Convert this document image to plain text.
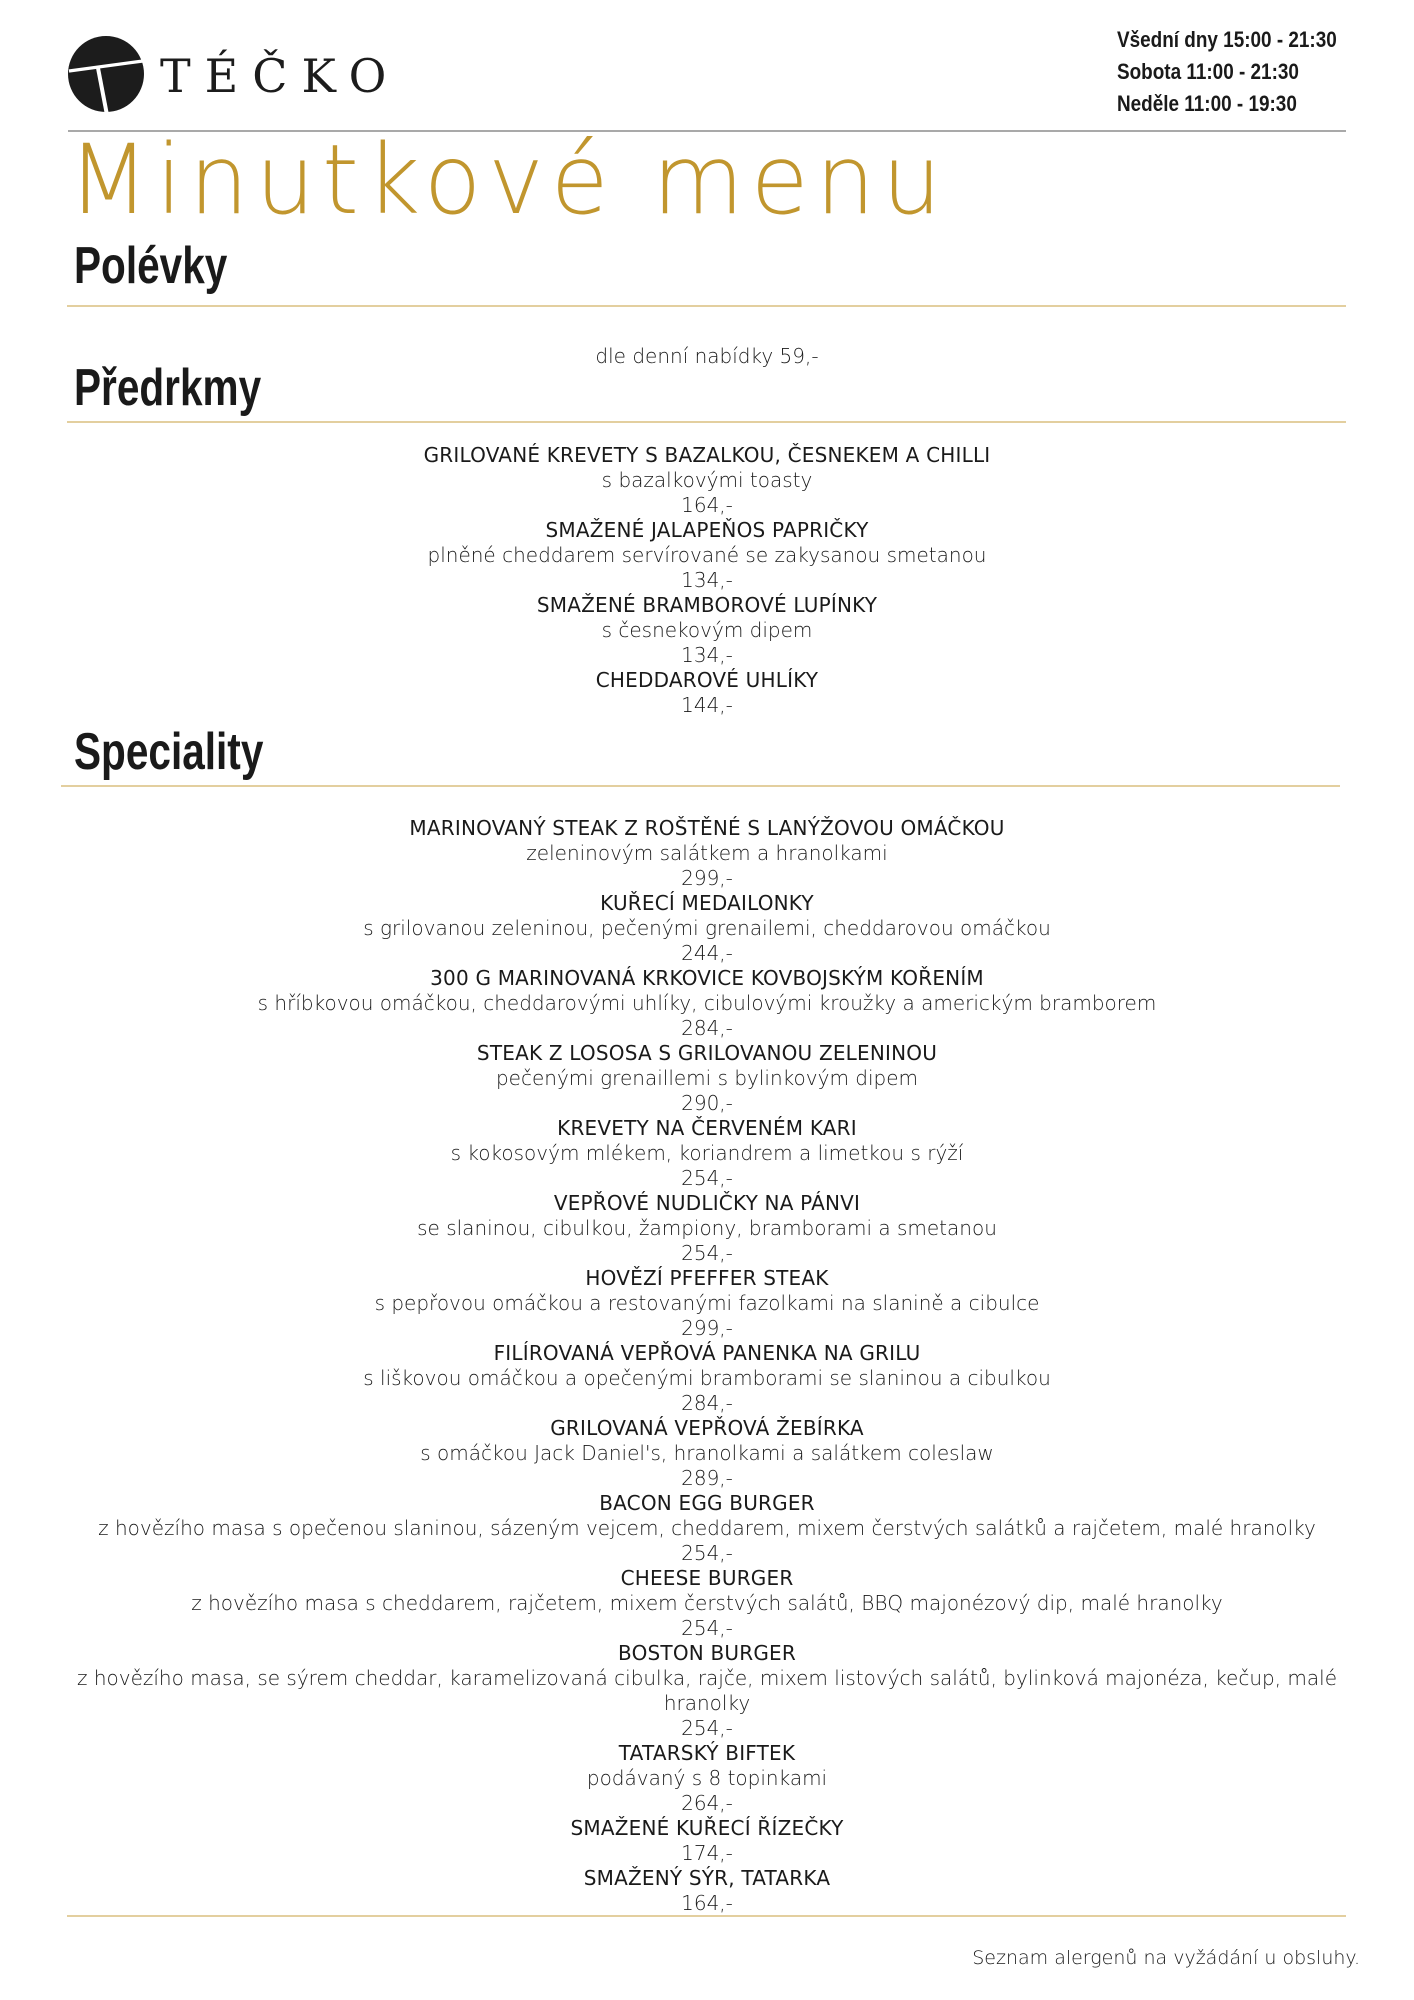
TÉČKO
Všední dny 15:00 - 21:30
Sobota 11:00 - 21:30
Neděle 11:00 - 19:30
Minutkové menu
Polévky
dle denní nabídky 59,-
Předrkmy
GRILOVANÉ KREVETY S BAZALKOU, ČESNEKEM A CHILLI
s bazalkovými toasty
164,-
SMAŽENÉ JALAPEŇOS PAPRIČKY
plněné cheddarem servírované se zakysanou smetanou
134,-
SMAŽENÉ BRAMBOROVÉ LUPÍNKY
s česnekovým dipem
134,-
CHEDDAROVÉ UHLÍKY
144,-
Speciality
MARINOVANÝ STEAK Z ROŠTĚNÉ S LANÝŽOVOU OMÁČKOU
zeleninovým salátkem a hranolkami
299,-
KUŘECÍ MEDAILONKY
s grilovanou zeleninou, pečenými grenailemi, cheddarovou omáčkou
244,-
300 G MARINOVANÁ KRKOVICE KOVBOJSKÝM KOŘENÍM
s hříbkovou omáčkou, cheddarovými uhlíky, cibulovými kroužky a americkým bramborem
284,-
STEAK Z LOSOSA S GRILOVANOU ZELENINOU
pečenými grenaillemi s bylinkovým dipem
290,-
KREVETY NA ČERVENÉM KARI
s kokosovým mlékem, koriandrem a limetkou s rýží
254,-
VEPŘOVÉ NUDLIČKY NA PÁNVI
se slaninou, cibulkou, žampiony, bramborami a smetanou
254,-
HOVĚZÍ PFEFFER STEAK
s pepřovou omáčkou a restovanými fazolkami na slanině a cibulce
299,-
FILÍROVANÁ VEPŘOVÁ PANENKA NA GRILU
s liškovou omáčkou a opečenými bramborami se slaninou a cibulkou
284,-
GRILOVANÁ VEPŘOVÁ ŽEBÍRKA
s omáčkou Jack Daniel's, hranolkami a salátkem coleslaw
289,-
BACON EGG BURGER
z hovězího masa s opečenou slaninou, sázeným vejcem, cheddarem, mixem čerstvých salátků a rajčetem, malé hranolky
254,-
CHEESE BURGER
z hovězího masa s cheddarem, rajčetem, mixem čerstvých salátů, BBQ majonézový dip, malé hranolky
254,-
BOSTON BURGER
z hovězího masa, se sýrem cheddar, karamelizovaná cibulka, rajče, mixem listových salátů, bylinková majonéza, kečup, malé hranolky
254,-
TATARSKÝ BIFTEK
podávaný s 8 topinkami
264,-
SMAŽENÉ KUŘECÍ ŘÍZEČKY
174,-
SMAŽENÝ SÝR, TATARKA
164,-
Seznam alergenů na vyžádání u obsluhy.
